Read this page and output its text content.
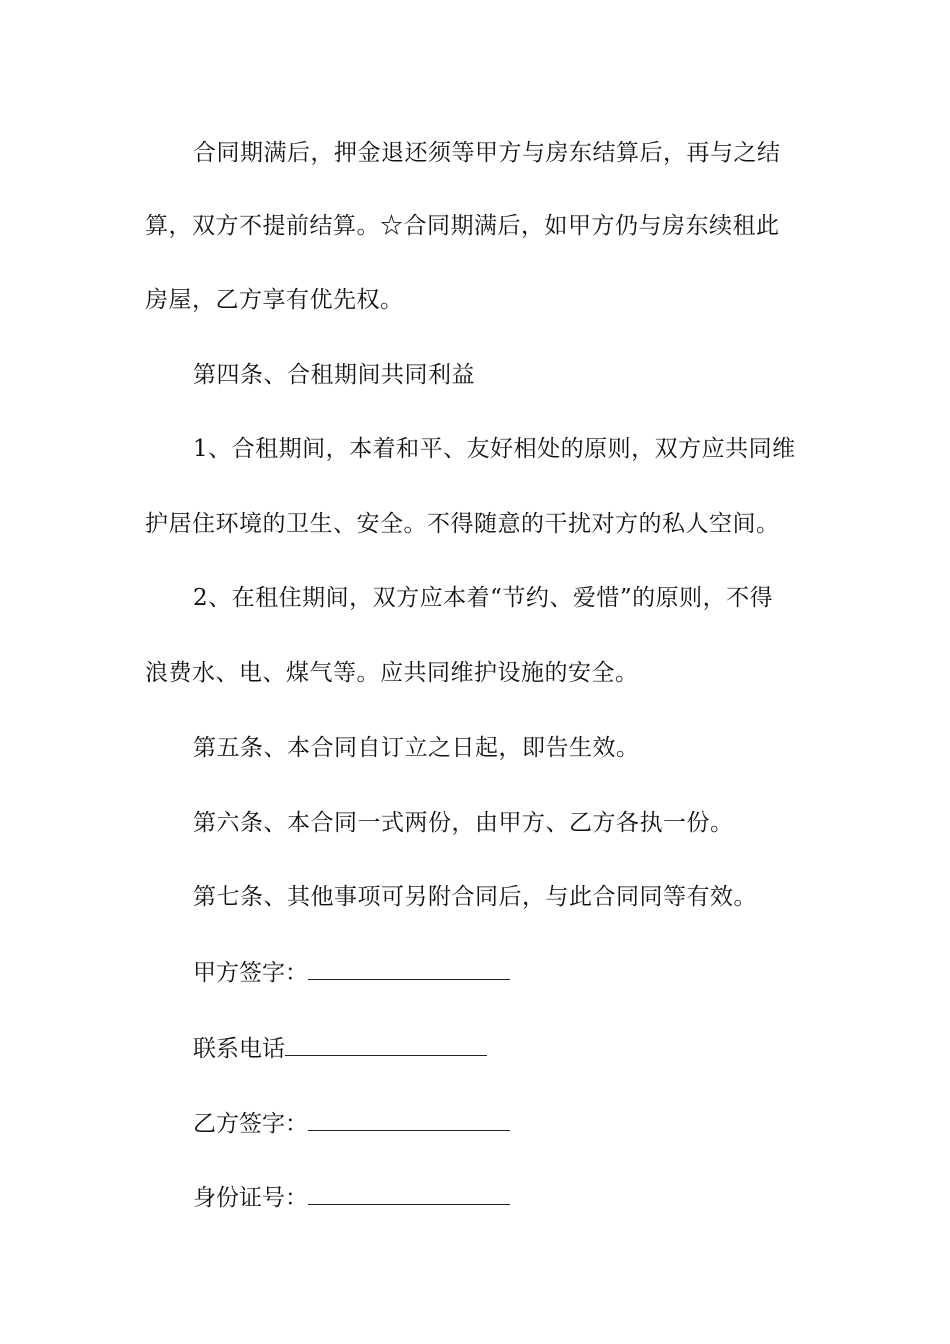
合同期满后，押金退还须等甲方与房东结算后，再与之结
算，双方不提前结算。☆合同期满后，如甲方仍与房东续租此
房屋，乙方享有优先权。
第四条、合租期间共同利益
1、合租期间，本着和平、友好相处的原则，双方应共同维
护居住环境的卫生、安全。不得随意的干扰对方的私人空间。
2、在租住期间，双方应本着“节约、爱惜”的原则，不得
浪费水、电、煤气等。应共同维护设施的安全。
第五条、本合同自订立之日起，即告生效。
第六条、本合同一式两份，由甲方、乙方各执一份。
第七条、其他事项可另附合同后，与此合同同等有效。
甲方签字：
联系电话
乙方签字：
身份证号：
